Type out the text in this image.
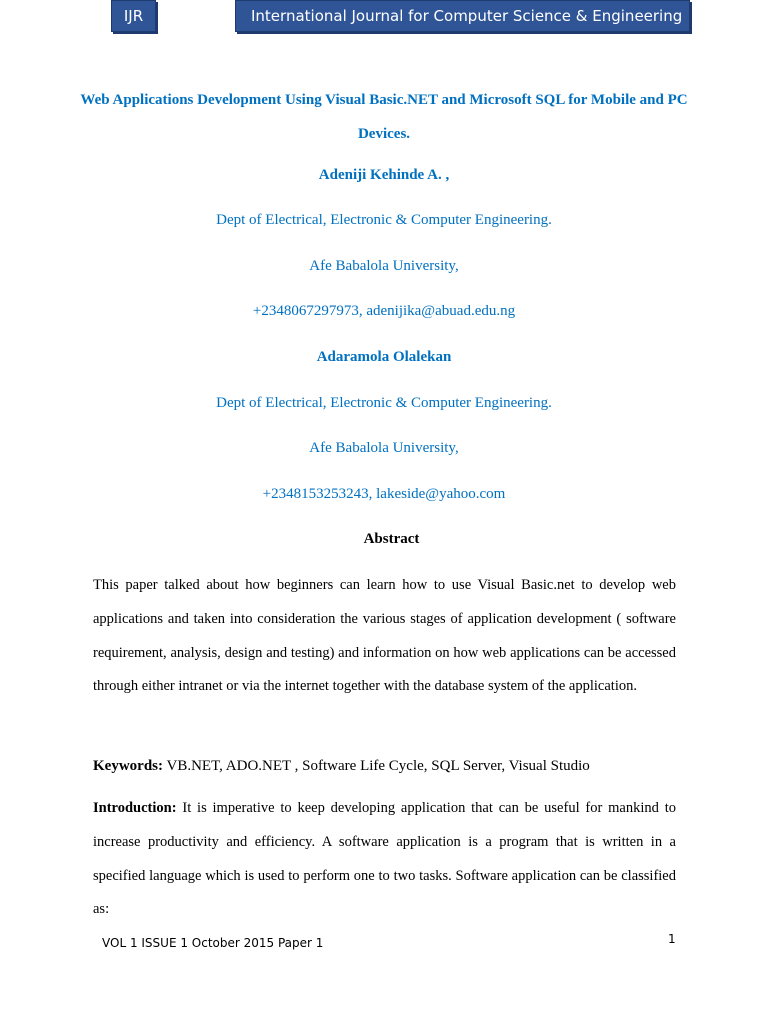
IJR	International Journal for Computer Science & Engineering

Web Applications Development Using Visual Basic.NET and Microsoft SQL for Mobile and PC Devices.

Adeniji Kehinde A. ,
Dept of Electrical, Electronic & Computer Engineering.
Afe Babalola University,
+2348067297973, adenijika@abuad.edu.ng
Adaramola Olalekan
Dept of Electrical, Electronic & Computer Engineering.
Afe Babalola University,
+2348153253243, lakeside@yahoo.com
Abstract

This paper talked about how beginners can learn how to use Visual Basic.net to develop web applications and taken into consideration the various stages of application development ( software requirement, analysis, design and testing) and information on how web applications can be accessed through either intranet or via the internet together with the database system of the application.

Keywords: VB.NET, ADO.NET , Software Life Cycle, SQL Server, Visual Studio

Introduction: It is imperative to keep developing application that can be useful for mankind to increase productivity and efficiency. A software application is a program that is written in a specified language which is used to perform one to two tasks. Software application can be classified as:

VOL 1 ISSUE 1 October 2015 Paper 1	1
